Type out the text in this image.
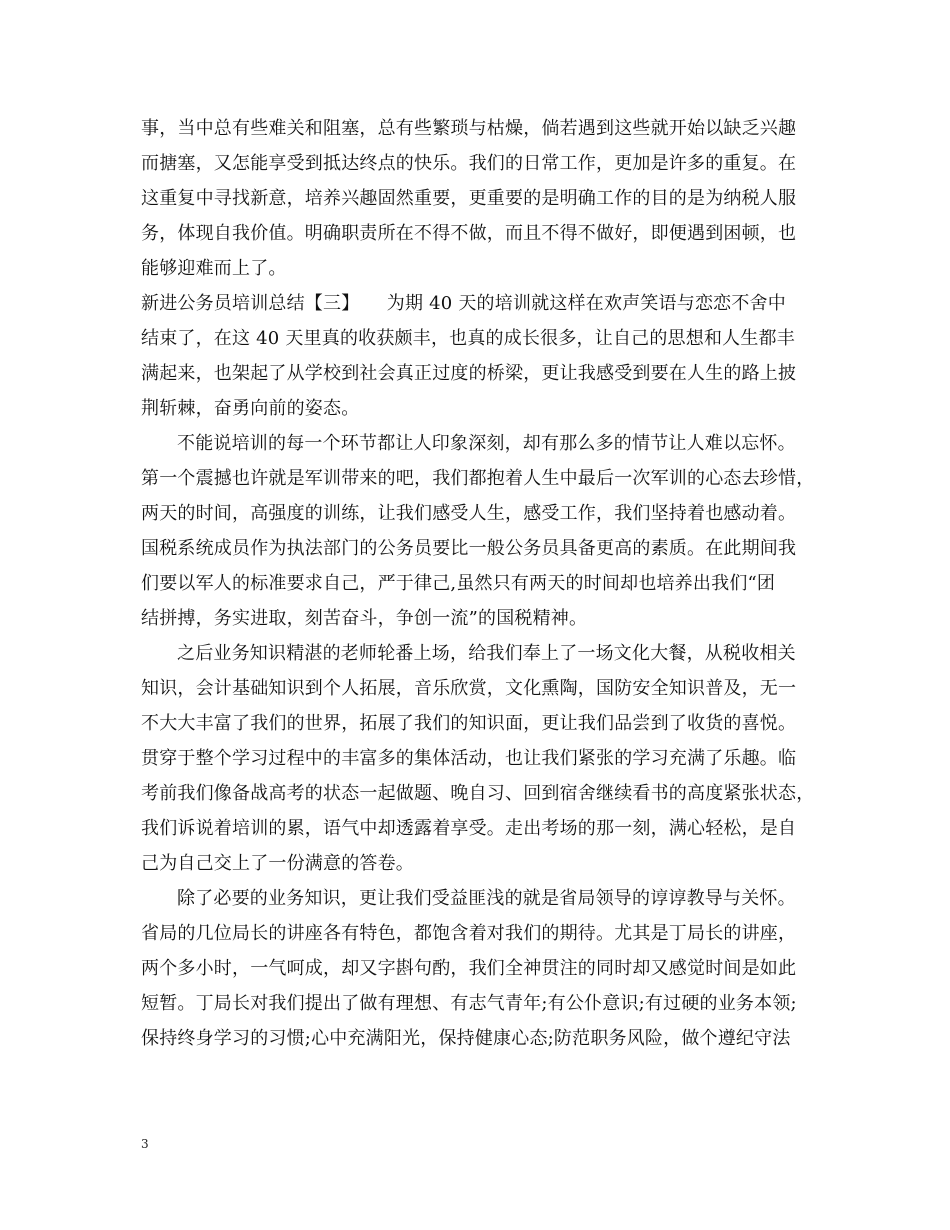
事，当中总有些难关和阻塞，总有些繁琐与枯燥，倘若遇到这些就开始以缺乏兴趣
而搪塞，又怎能享受到抵达终点的快乐。我们的日常工作，更加是许多的重复。在
这重复中寻找新意，培养兴趣固然重要，更重要的是明确工作的目的是为纳税人服
务，体现自我价值。明确职责所在不得不做，而且不得不做好，即便遇到困顿，也
能够迎难而上了。
新进公务员培训总结【三】　　为期 40 天的培训就这样在欢声笑语与恋恋不舍中
结束了，在这 40 天里真的收获颇丰，也真的成长很多，让自己的思想和人生都丰
满起来，也架起了从学校到社会真正过度的桥梁，更让我感受到要在人生的路上披
荆斩棘，奋勇向前的姿态。
不能说培训的每一个环节都让人印象深刻，却有那么多的情节让人难以忘怀。
第一个震撼也许就是军训带来的吧，我们都抱着人生中最后一次军训的心态去珍惜，
两天的时间，高强度的训练，让我们感受人生，感受工作，我们坚持着也感动着。
国税系统成员作为执法部门的公务员要比一般公务员具备更高的素质。在此期间我
们要以军人的标准要求自己，严于律己,虽然只有两天的时间却也培养出我们“团
结拼搏，务实进取，刻苦奋斗，争创一流”的国税精神。
之后业务知识精湛的老师轮番上场，给我们奉上了一场文化大餐，从税收相关
知识，会计基础知识到个人拓展，音乐欣赏，文化熏陶，国防安全知识普及，无一
不大大丰富了我们的世界，拓展了我们的知识面，更让我们品尝到了收货的喜悦。
贯穿于整个学习过程中的丰富多的集体活动，也让我们紧张的学习充满了乐趣。临
考前我们像备战高考的状态一起做题、晚自习、回到宿舍继续看书的高度紧张状态，
我们诉说着培训的累，语气中却透露着享受。走出考场的那一刻，满心轻松，是自
己为自己交上了一份满意的答卷。
除了必要的业务知识，更让我们受益匪浅的就是省局领导的谆谆教导与关怀。
省局的几位局长的讲座各有特色，都饱含着对我们的期待。尤其是丁局长的讲座，
两个多小时，一气呵成，却又字斟句酌，我们全神贯注的同时却又感觉时间是如此
短暂。丁局长对我们提出了做有理想、有志气青年;有公仆意识;有过硬的业务本领;
保持终身学习的习惯;心中充满阳光，保持健康心态;防范职务风险，做个遵纪守法
3
